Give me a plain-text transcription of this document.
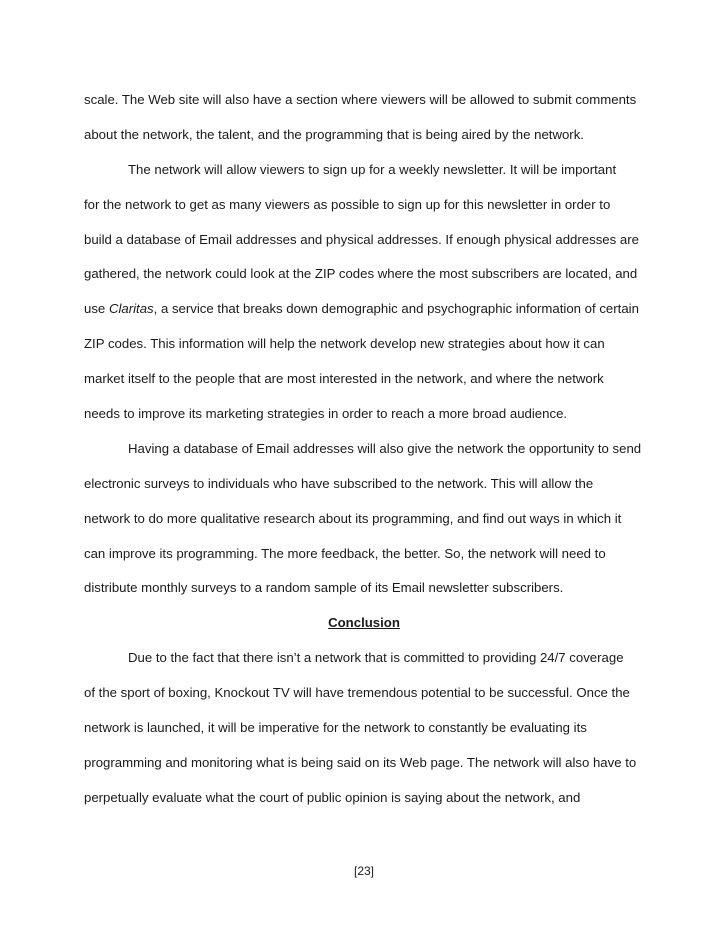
scale. The Web site will also have a section where viewers will be allowed to submit comments
about the network, the talent, and the programming that is being aired by the network.
The network will allow viewers to sign up for a weekly newsletter. It will be important
for the network to get as many viewers as possible to sign up for this newsletter in order to
build a database of Email addresses and physical addresses. If enough physical addresses are
gathered, the network could look at the ZIP codes where the most subscribers are located, and
use Claritas, a service that breaks down demographic and psychographic information of certain
ZIP codes. This information will help the network develop new strategies about how it can
market itself to the people that are most interested in the network, and where the network
needs to improve its marketing strategies in order to reach a more broad audience.
Having a database of Email addresses will also give the network the opportunity to send
electronic surveys to individuals who have subscribed to the network. This will allow the
network to do more qualitative research about its programming, and find out ways in which it
can improve its programming. The more feedback, the better. So, the network will need to
distribute monthly surveys to a random sample of its Email newsletter subscribers.
Conclusion
Due to the fact that there isn’t a network that is committed to providing 24/7 coverage
of the sport of boxing, Knockout TV will have tremendous potential to be successful. Once the
network is launched, it will be imperative for the network to constantly be evaluating its
programming and monitoring what is being said on its Web page. The network will also have to
perpetually evaluate what the court of public opinion is saying about the network, and
[23]
